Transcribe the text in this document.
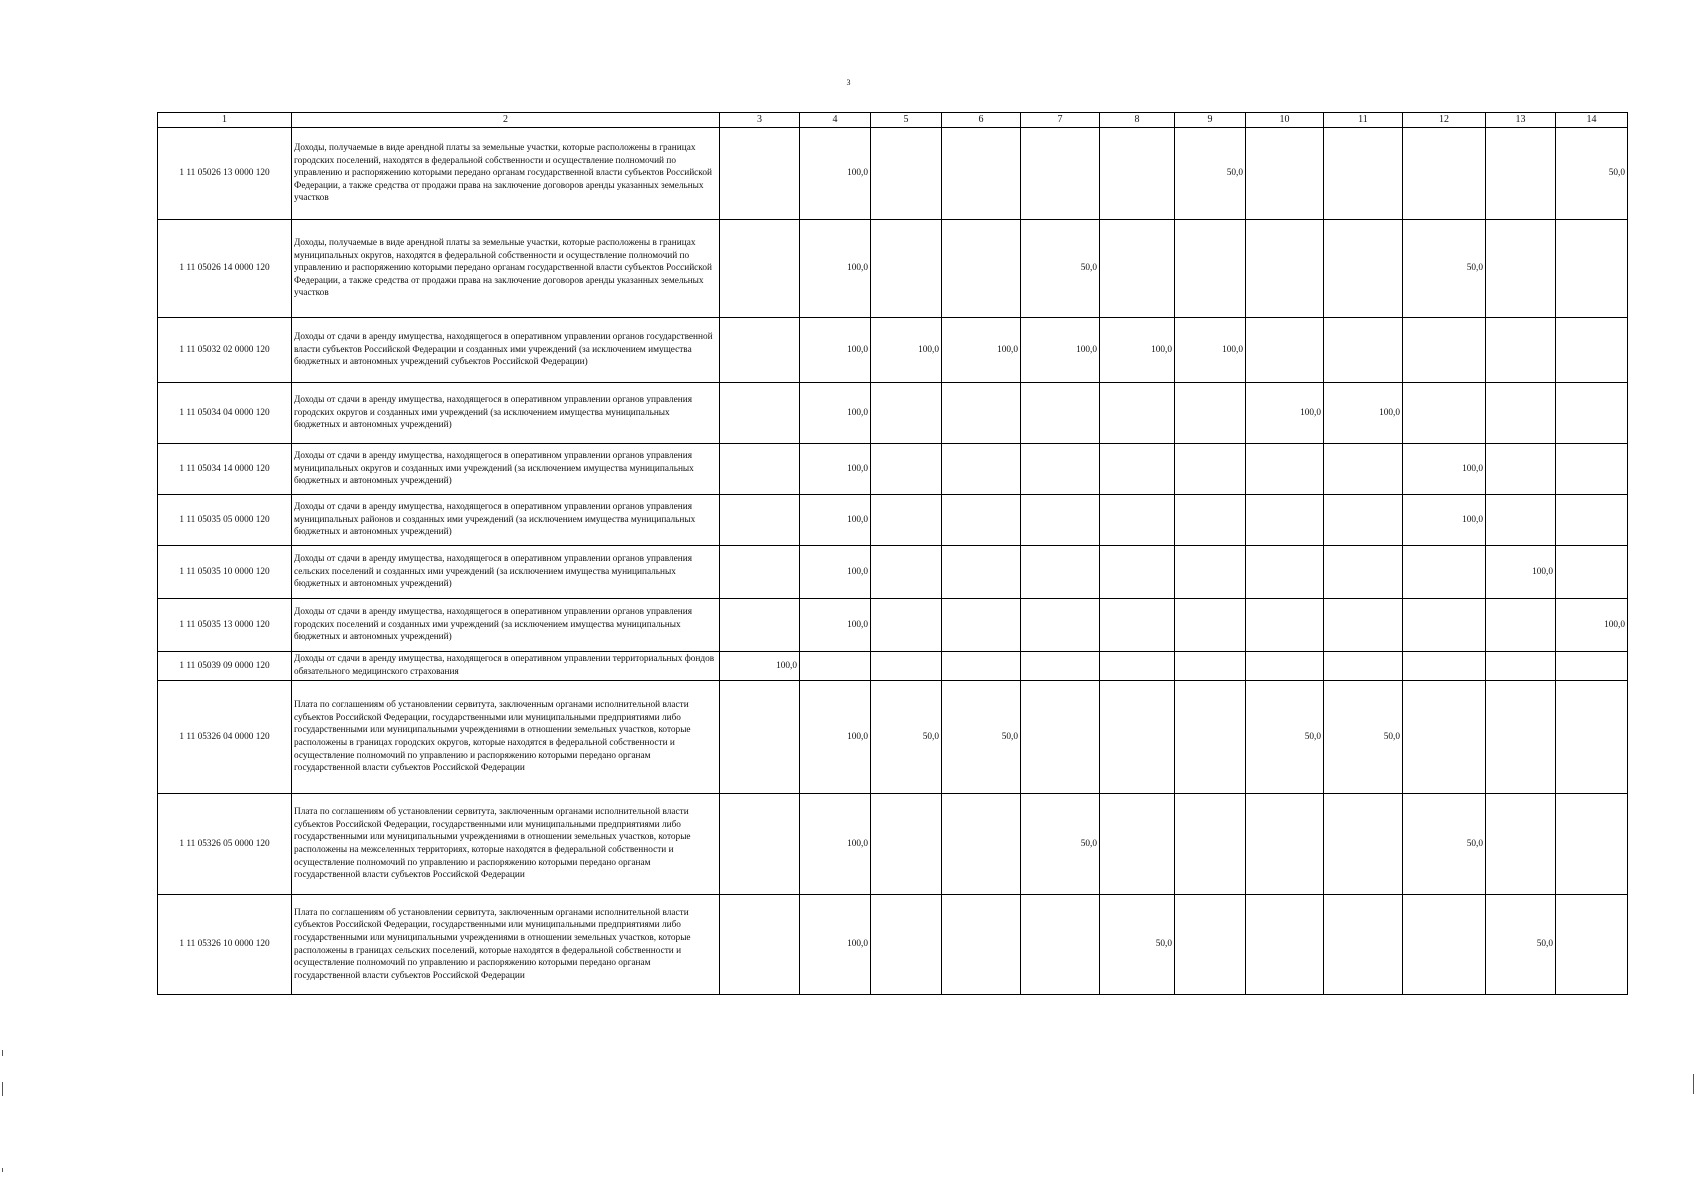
3
1	2	3	4	5	6	7	8	9	10	11	12	13	14
1 11 05026 13 0000 120	Доходы, получаемые в виде арендной платы за земельные участки, которые расположены в границах городских поселений, находятся в федеральной собственности и осуществление полномочий по управлению и распоряжению которыми передано органам государственной власти субъектов Российской Федерации, а также средства от продажи права на заключение договоров аренды указанных земельных участков		100,0					50,0					50,0
1 11 05026 14 0000 120	Доходы, получаемые в виде арендной платы за земельные участки, которые расположены в границах муниципальных округов, находятся в федеральной собственности и осуществление полномочий по управлению и распоряжению которыми передано органам государственной власти субъектов Российской Федерации, а также средства от продажи права на заключение договоров аренды указанных земельных участков		100,0			50,0					50,0		
1 11 05032 02 0000 120	Доходы от сдачи в аренду имущества, находящегося в оперативном управлении органов государственной власти субъектов Российской Федерации и созданных ими учреждений (за исключением имущества бюджетных и автономных учреждений субъектов Российской Федерации)		100,0	100,0	100,0	100,0	100,0	100,0					
1 11 05034 04 0000 120	Доходы от сдачи в аренду имущества, находящегося в оперативном управлении органов управления городских округов и созданных ими учреждений (за исключением имущества муниципальных бюджетных и автономных учреждений)		100,0						100,0	100,0			
1 11 05034 14 0000 120	Доходы от сдачи в аренду имущества, находящегося в оперативном управлении органов управления муниципальных округов и созданных ими учреждений (за исключением имущества муниципальных бюджетных и автономных учреждений)		100,0								100,0		
1 11 05035 05 0000 120	Доходы от сдачи в аренду имущества, находящегося в оперативном управлении органов управления муниципальных районов и созданных ими учреждений (за исключением имущества муниципальных бюджетных и автономных учреждений)		100,0								100,0		
1 11 05035 10 0000 120	Доходы от сдачи в аренду имущества, находящегося в оперативном управлении органов управления сельских поселений и созданных ими учреждений (за исключением имущества муниципальных бюджетных и автономных учреждений)		100,0									100,0	
1 11 05035 13 0000 120	Доходы от сдачи в аренду имущества, находящегося в оперативном управлении органов управления городских поселений и созданных ими учреждений (за исключением имущества муниципальных бюджетных и автономных учреждений)		100,0										100,0
1 11 05039 09 0000 120	Доходы от сдачи в аренду имущества, находящегося в оперативном управлении территориальных фондов обязательного медицинского страхования	100,0											
1 11 05326 04 0000 120	Плата по соглашениям об установлении сервитута, заключенным органами исполнительной власти субъектов Российской Федерации, государственными или муниципальными предприятиями либо государственными или муниципальными учреждениями в отношении земельных участков, которые расположены в границах городских округов, которые находятся в федеральной собственности и осуществление полномочий по управлению и распоряжению которыми передано органам государственной власти субъектов Российской Федерации		100,0	50,0	50,0				50,0	50,0			
1 11 05326 05 0000 120	Плата по соглашениям об установлении сервитута, заключенным органами исполнительной власти субъектов Российской Федерации, государственными или муниципальными предприятиями либо государственными или муниципальными учреждениями в отношении земельных участков, которые расположены на межселенных территориях, которые находятся в федеральной собственности и осуществление полномочий по управлению и распоряжению которыми передано органам государственной власти субъектов Российской Федерации		100,0			50,0					50,0		
1 11 05326 10 0000 120	Плата по соглашениям об установлении сервитута, заключенным органами исполнительной власти субъектов Российской Федерации, государственными или муниципальными предприятиями либо государственными или муниципальными учреждениями в отношении земельных участков, которые расположены в границах сельских поселений, которые находятся в федеральной собственности и осуществление полномочий по управлению и распоряжению которыми передано органам государственной власти субъектов Российской Федерации		100,0				50,0					50,0	
